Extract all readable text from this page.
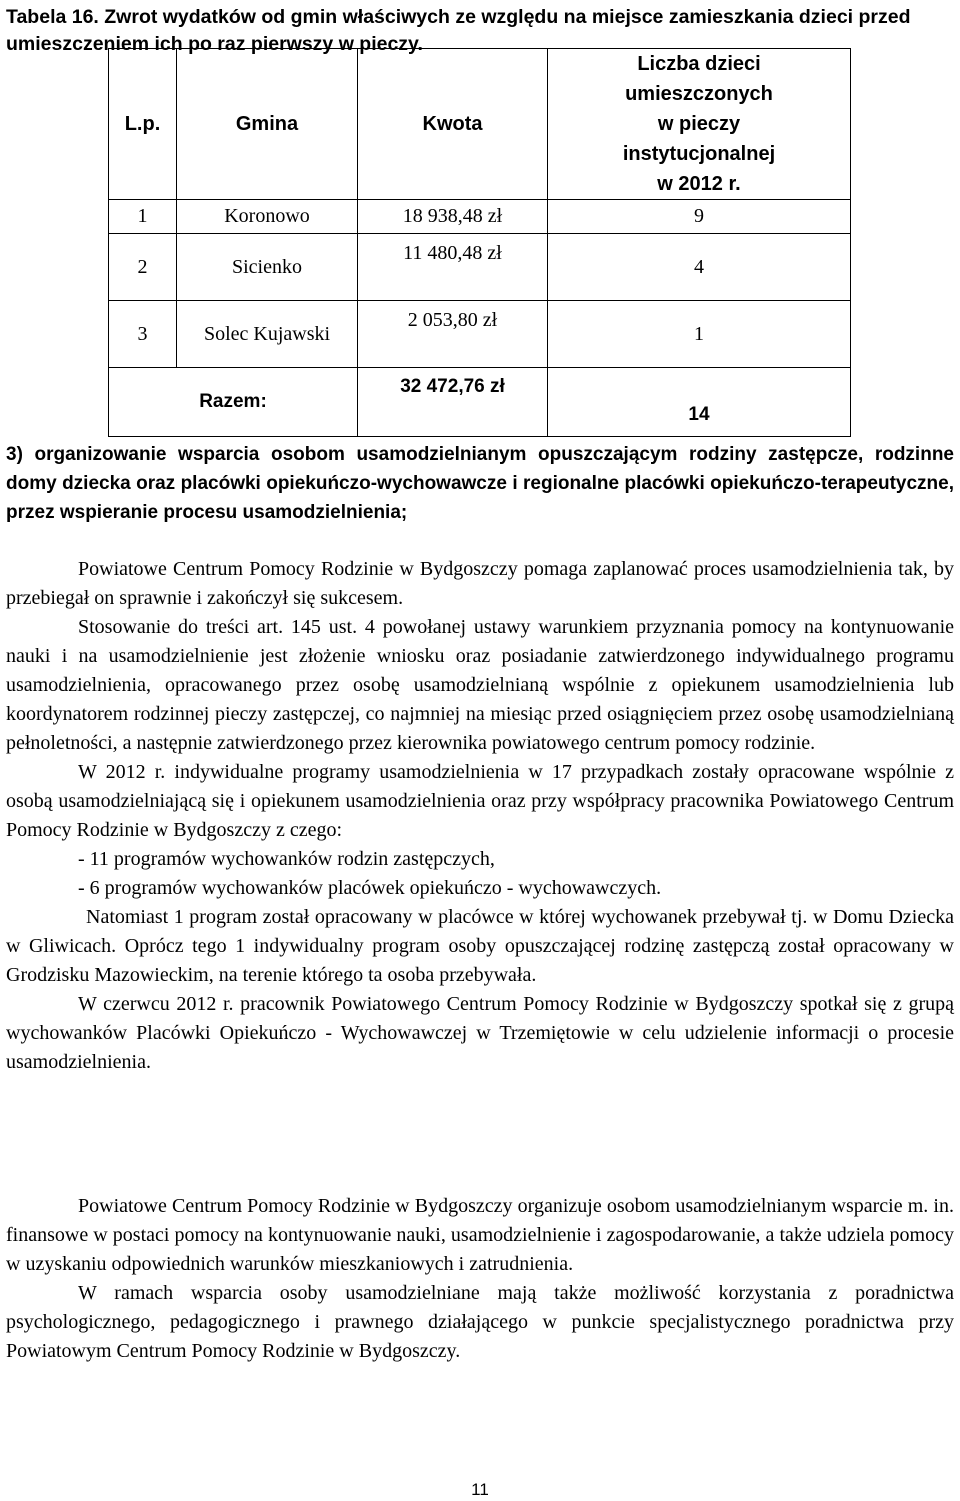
Tabela 16. Zwrot wydatków od gmin właściwych ze względu na miejsce zamieszkania dzieci przed umieszczeniem ich po raz pierwszy w pieczy.

L.p.	Gmina	Kwota	Liczba dzieci
umieszczonych
w pieczy
instytucjonalnej
w 2012 r.

1	Koronowo	18 938,48 zł	9
2	Sicienko	11 480,48 zł	4
3	Solec Kujawski	2 053,80 zł	1
Razem:		32 472,76 zł	14

3) organizowanie wsparcia osobom usamodzielnianym opuszczającym rodziny zastępcze, rodzinne domy dziecka oraz placówki opiekuńczo-wychowawcze i regionalne placówki opiekuńczo-terapeutyczne, przez wspieranie procesu usamodzielnienia;

Powiatowe Centrum Pomocy Rodzinie w Bydgoszczy pomaga zaplanować proces usamodzielnienia tak, by przebiegał on sprawnie i zakończył się sukcesem.

Stosowanie do treści art. 145 ust. 4 powołanej ustawy warunkiem przyznania pomocy na kontynuowanie nauki i na usamodzielnienie jest złożenie wniosku oraz posiadanie zatwierdzonego indywidualnego programu usamodzielnienia, opracowanego przez osobę usamodzielnianą wspólnie z opiekunem usamodzielnienia lub koordynatorem rodzinnej pieczy zastępczej, co najmniej na miesiąc przed osiągnięciem przez osobę usamodzielnianą pełnoletności, a następnie zatwierdzonego przez kierownika powiatowego centrum pomocy rodzinie.

W 2012 r. indywidualne programy usamodzielnienia w 17 przypadkach zostały opracowane wspólnie z osobą usamodzielniającą się i opiekunem usamodzielnienia oraz przy współpracy pracownika Powiatowego Centrum Pomocy Rodzinie w Bydgoszczy z czego:

- 11 programów wychowanków rodzin zastępczych,
- 6 programów wychowanków placówek opiekuńczo - wychowawczych.

Natomiast 1 program został opracowany w placówce w której wychowanek przebywał tj. w Domu Dziecka w Gliwicach. Oprócz tego 1 indywidualny program osoby opuszczającej rodzinę zastępczą został opracowany w Grodzisku Mazowieckim, na terenie którego ta osoba przebywała.

W czerwcu 2012 r. pracownik Powiatowego Centrum Pomocy Rodzinie w Bydgoszczy spotkał się z grupą wychowanków Placówki Opiekuńczo - Wychowawczej w Trzemiętowie w celu udzielenie informacji o procesie usamodzielnienia.

Powiatowe Centrum Pomocy Rodzinie w Bydgoszczy organizuje osobom usamodzielnianym wsparcie m. in. finansowe w postaci pomocy na kontynuowanie nauki, usamodzielnienie i zagospodarowanie, a także udziela pomocy w uzyskaniu odpowiednich warunków mieszkaniowych i zatrudnienia.

W ramach wsparcia osoby usamodzielniane mają także możliwość korzystania z poradnictwa psychologicznego, pedagogicznego i prawnego działającego w punkcie specjalistycznego poradnictwa przy Powiatowym Centrum Pomocy Rodzinie w Bydgoszczy.

11
